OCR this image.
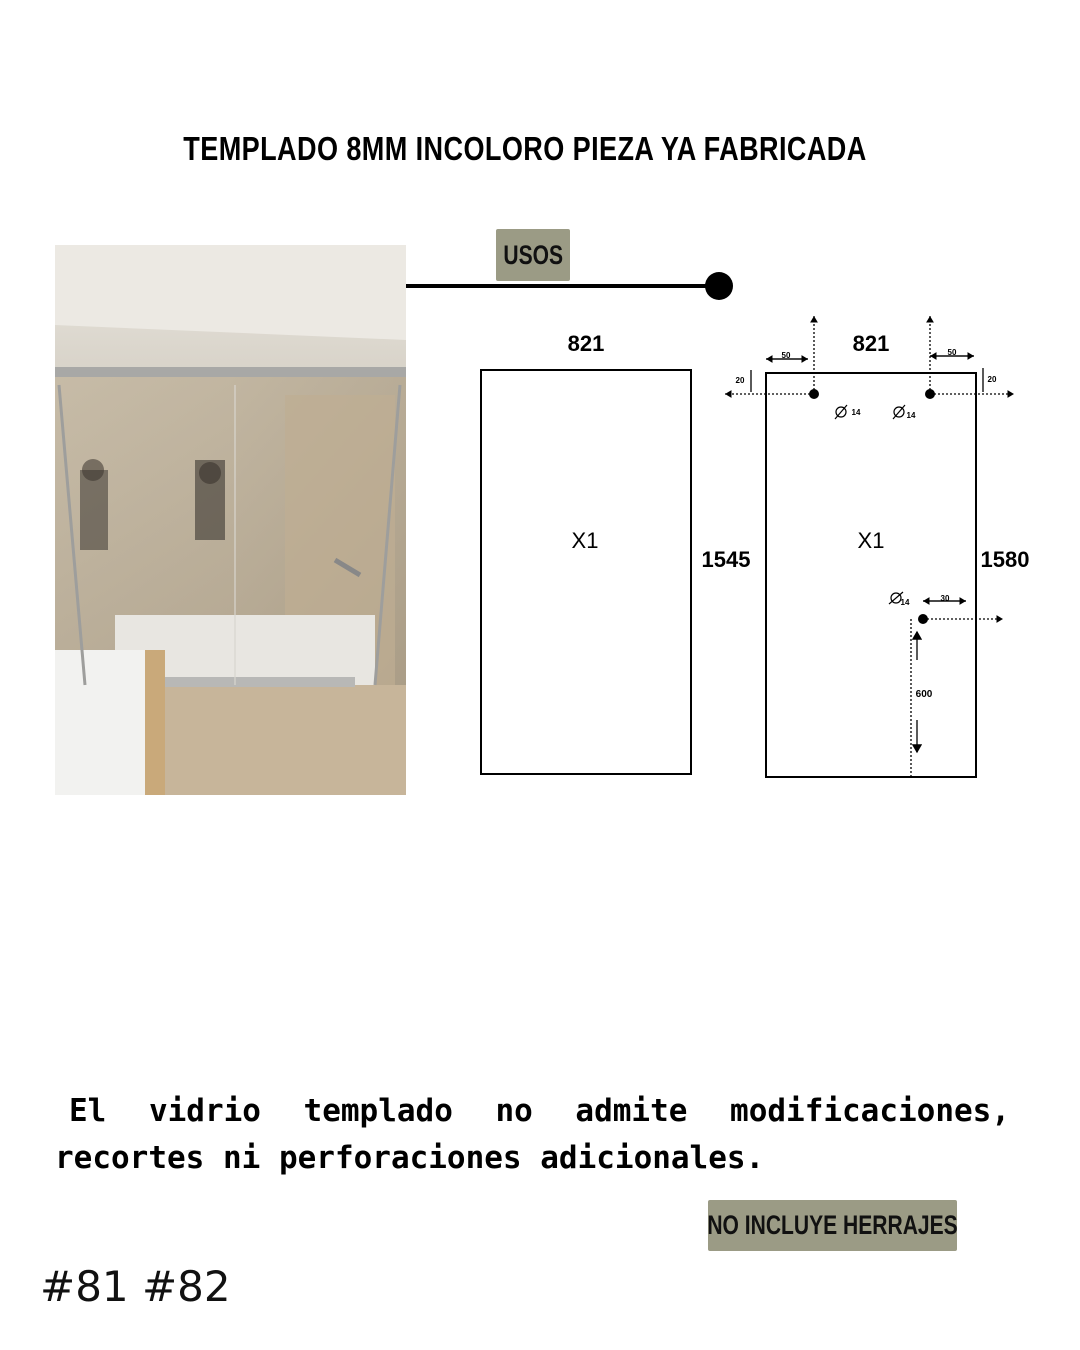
TEMPLADO 8MM INCOLORO PIEZA YA FABRICADA
USOS
821
1545
X1
821
1580
X1
50	50
20	20
14	14
14	30
600
El vidrio templado no admite modificaciones, recortes ni perforaciones adicionales.
NO INCLUYE HERRAJES
#81 #82
